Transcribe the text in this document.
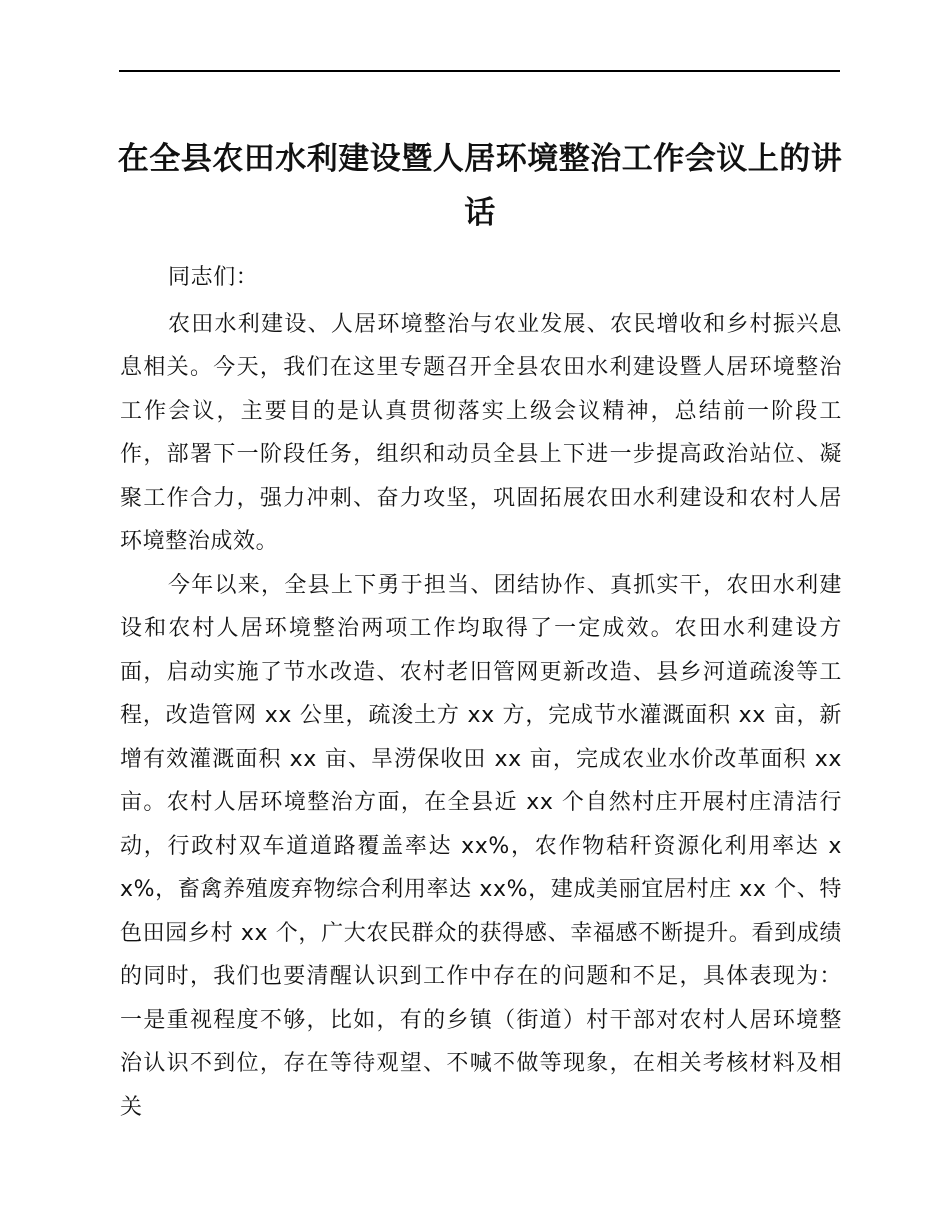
在全县农田水利建设暨人居环境整治工作会议上的讲话

同志们：

农田水利建设、人居环境整治与农业发展、农民增收和乡村振兴息息相关。今天，我们在这里专题召开全县农田水利建设暨人居环境整治工作会议，主要目的是认真贯彻落实上级会议精神，总结前一阶段工作，部署下一阶段任务，组织和动员全县上下进一步提高政治站位、凝聚工作合力，强力冲刺、奋力攻坚，巩固拓展农田水利建设和农村人居环境整治成效。

今年以来，全县上下勇于担当、团结协作、真抓实干，农田水利建设和农村人居环境整治两项工作均取得了一定成效。农田水利建设方面，启动实施了节水改造、农村老旧管网更新改造、县乡河道疏浚等工程，改造管网 xx 公里，疏浚土方 xx 方，完成节水灌溉面积 xx 亩，新增有效灌溉面积 xx 亩、旱涝保收田 xx 亩，完成农业水价改革面积 xx 亩。农村人居环境整治方面，在全县近 xx 个自然村庄开展村庄清洁行动，行政村双车道道路覆盖率达 xx%，农作物秸秆资源化利用率达 xx%，畜禽养殖废弃物综合利用率达 xx%，建成美丽宜居村庄 xx 个、特色田园乡村 xx 个，广大农民群众的获得感、幸福感不断提升。看到成绩的同时，我们也要清醒认识到工作中存在的问题和不足，具体表现为：一是重视程度不够，比如，有的乡镇（街道）村干部对农村人居环境整治认识不到位，存在等待观望、不喊不做等现象，在相关考核材料及相关
